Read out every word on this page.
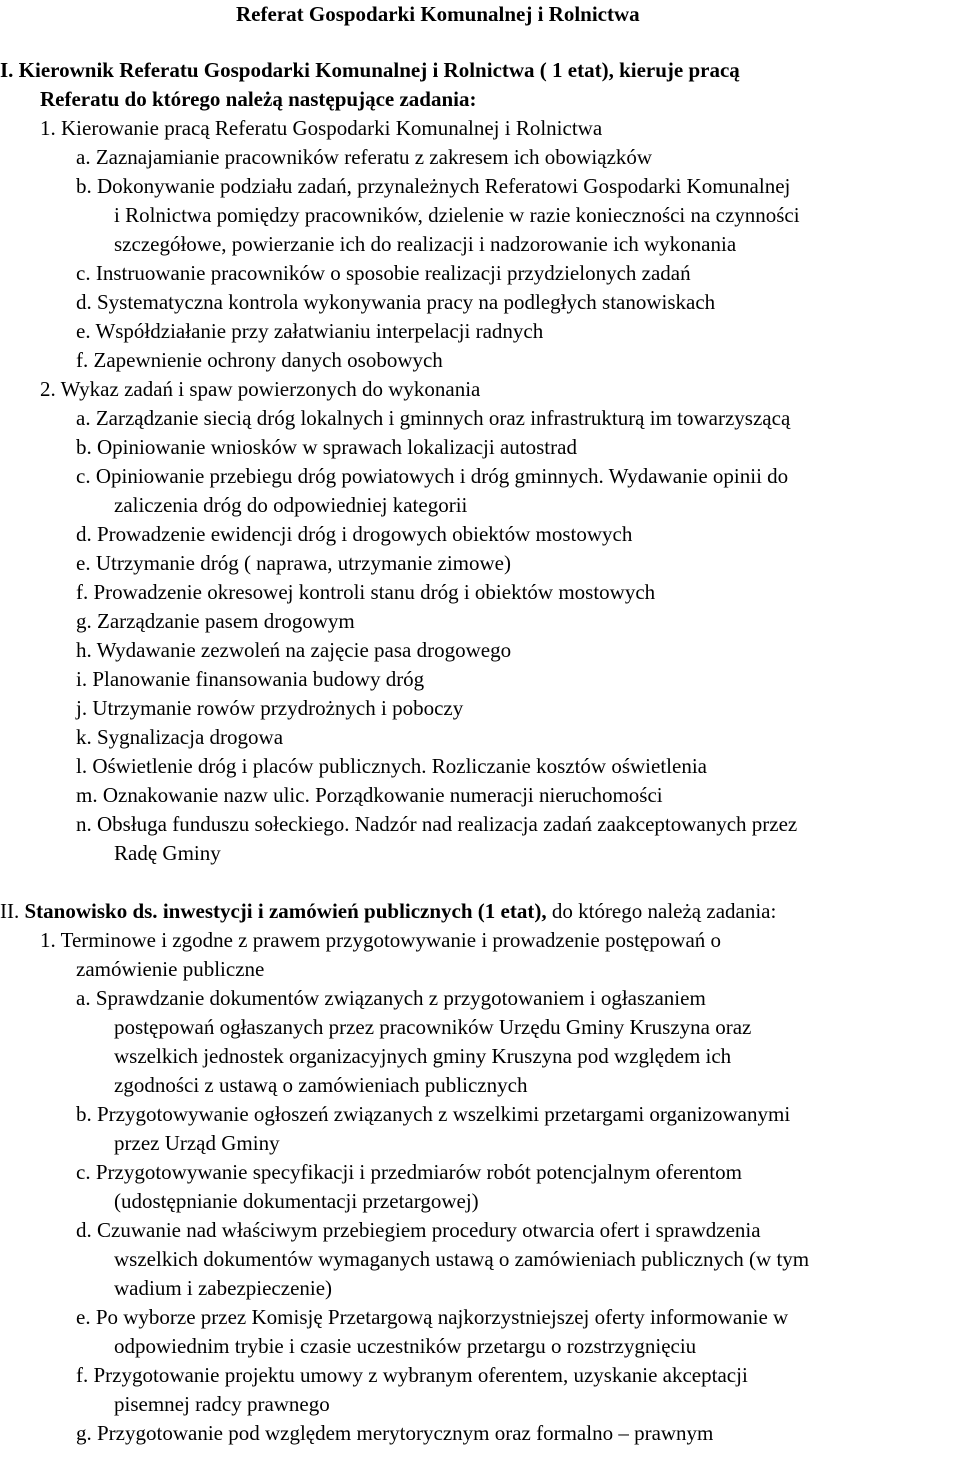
Referat Gospodarki Komunalnej i Rolnictwa
I. Kierownik Referatu Gospodarki Komunalnej i Rolnictwa ( 1 etat), kieruje pracą
Referatu do którego należą następujące zadania:
1. Kierowanie pracą Referatu Gospodarki Komunalnej i Rolnictwa
a. Zaznajamianie pracowników referatu z zakresem ich obowiązków
b. Dokonywanie podziału zadań, przynależnych Referatowi Gospodarki Komunalnej
i Rolnictwa pomiędzy pracowników, dzielenie w razie konieczności na czynności
szczegółowe, powierzanie ich do realizacji i nadzorowanie ich wykonania
c. Instruowanie pracowników o sposobie realizacji przydzielonych zadań
d. Systematyczna kontrola wykonywania pracy na podległych stanowiskach
e. Współdziałanie przy załatwianiu interpelacji radnych
f. Zapewnienie ochrony danych osobowych
2. Wykaz zadań i spaw powierzonych do wykonania
a. Zarządzanie siecią dróg lokalnych i gminnych oraz infrastrukturą im towarzyszącą
b. Opiniowanie wniosków w sprawach lokalizacji autostrad
c. Opiniowanie przebiegu dróg powiatowych i dróg gminnych. Wydawanie opinii do
zaliczenia dróg do odpowiedniej kategorii
d. Prowadzenie ewidencji dróg i drogowych obiektów mostowych
e. Utrzymanie dróg ( naprawa, utrzymanie zimowe)
f. Prowadzenie okresowej kontroli stanu dróg i obiektów mostowych
g. Zarządzanie pasem drogowym
h. Wydawanie zezwoleń na zajęcie pasa drogowego
i. Planowanie finansowania budowy dróg
j. Utrzymanie rowów przydrożnych i poboczy
k. Sygnalizacja drogowa
l. Oświetlenie dróg i placów publicznych. Rozliczanie kosztów oświetlenia
m. Oznakowanie nazw ulic. Porządkowanie numeracji nieruchomości
n. Obsługa funduszu sołeckiego. Nadzór nad realizacja zadań zaakceptowanych przez
Radę Gminy
II. Stanowisko ds. inwestycji i zamówień publicznych (1 etat), do którego należą zadania:
1. Terminowe i zgodne z prawem przygotowywanie i prowadzenie postępowań o
zamówienie publiczne
a. Sprawdzanie dokumentów związanych z przygotowaniem i ogłaszaniem
postępowań ogłaszanych przez pracowników Urzędu Gminy Kruszyna oraz
wszelkich jednostek organizacyjnych gminy Kruszyna pod względem ich
zgodności z ustawą o zamówieniach publicznych
b. Przygotowywanie ogłoszeń związanych z wszelkimi przetargami organizowanymi
przez Urząd Gminy
c. Przygotowywanie specyfikacji i przedmiarów robót potencjalnym oferentom
(udostępnianie dokumentacji przetargowej)
d. Czuwanie nad właściwym przebiegiem procedury otwarcia ofert i sprawdzenia
wszelkich dokumentów wymaganych ustawą o zamówieniach publicznych (w tym
wadium i zabezpieczenie)
e. Po wyborze przez Komisję Przetargową najkorzystniejszej oferty informowanie w
odpowiednim trybie i czasie uczestników przetargu o rozstrzygnięciu
f. Przygotowanie projektu umowy z wybranym oferentem, uzyskanie akceptacji
pisemnej radcy prawnego
g. Przygotowanie pod względem merytorycznym oraz formalno – prawnym
